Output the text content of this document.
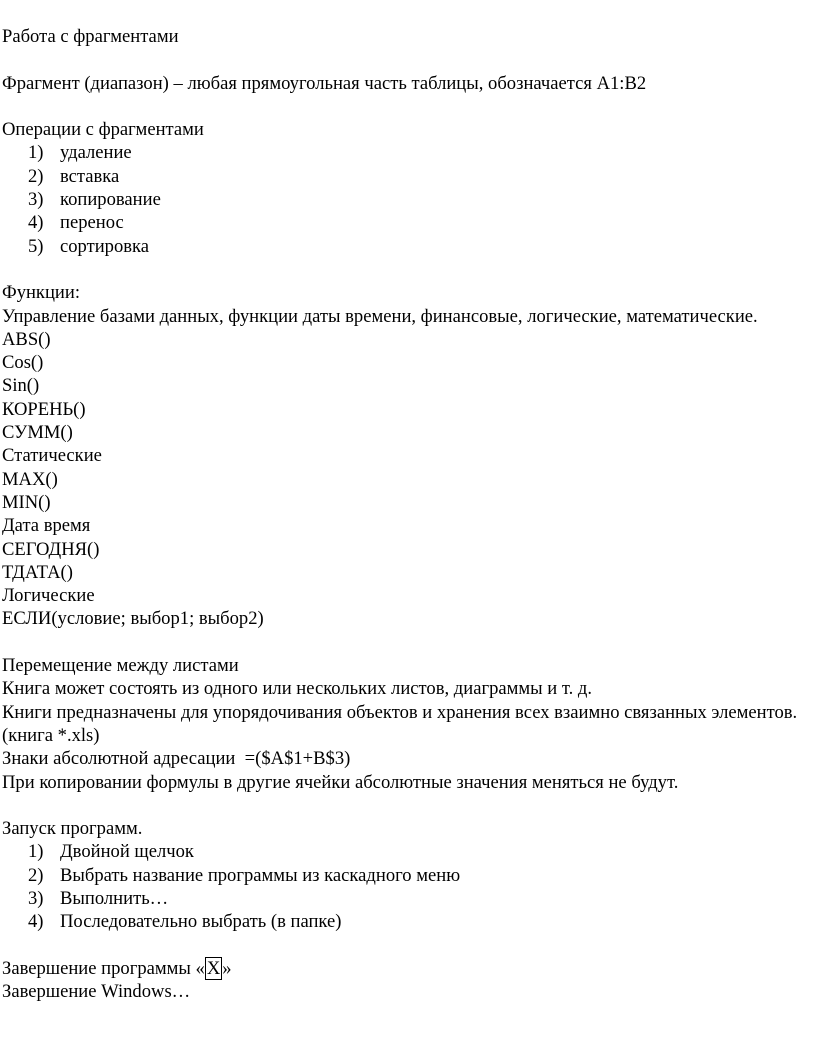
Работа с фрагментами
Фрагмент (диапазон) – любая прямоугольная часть таблицы, обозначается A1:B2
Операции с фрагментами
1) удаление
2) вставка
3) копирование
4) перенос
5) сортировка
Функции:
Управление базами данных, функции даты времени, финансовые, логические, математические.
ABS()
Cos()
Sin()
КОРЕНЬ()
СУММ()
Статические
MAX()
MIN()
Дата время
СЕГОДНЯ()
ТДАТА()
Логические
ЕСЛИ(условие; выбор1; выбор2)
Перемещение между листами
Книга может состоять из одного или нескольких листов, диаграммы и т. д.
Книги предназначены для упорядочивания объектов и хранения всех взаимно связанных элементов.
(книга *.xls)
Знаки абсолютной адресации  =($A$1+B$3)
При копировании формулы в другие ячейки абсолютные значения меняться не будут.
Запуск программ.
1) Двойной щелчок
2) Выбрать название программы из каскадного меню
3) Выполнить…
4) Последовательно выбрать (в папке)
Завершение программы « X »
Завершение Windows…
